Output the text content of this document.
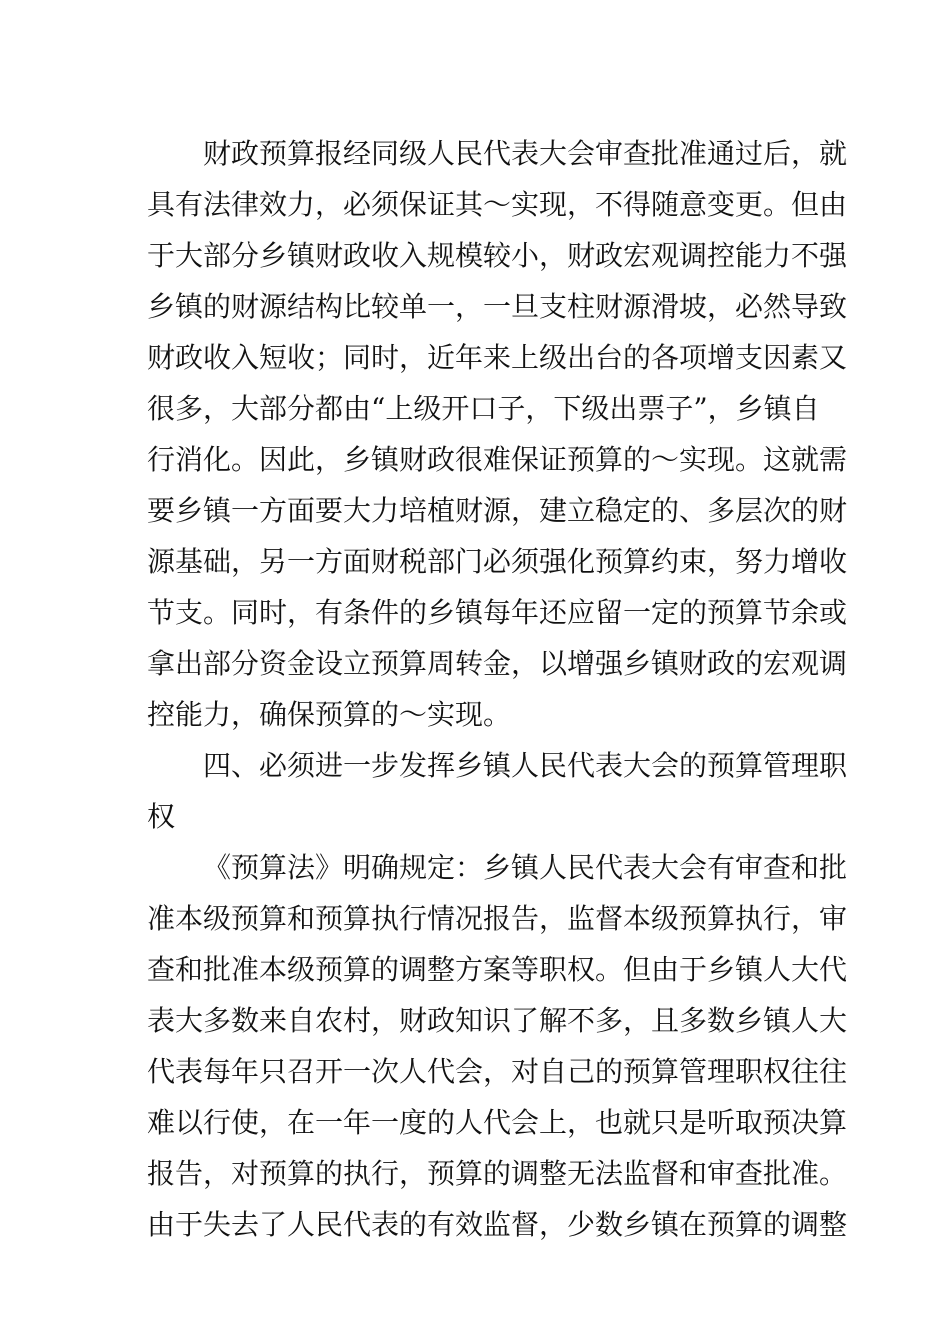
财政预算报经同级人民代表大会审查批准通过后，就
具有法律效力，必须保证其～实现，不得随意变更。但由
于大部分乡镇财政收入规模较小，财政宏观调控能力不强
乡镇的财源结构比较单一，一旦支柱财源滑坡，必然导致
财政收入短收；同时，近年来上级出台的各项增支因素又
很多，大部分都由“上级开口子，下级出票子”，乡镇自
行消化。因此，乡镇财政很难保证预算的～实现。这就需
要乡镇一方面要大力培植财源，建立稳定的、多层次的财
源基础，另一方面财税部门必须强化预算约束，努力增收
节支。同时，有条件的乡镇每年还应留一定的预算节余或
拿出部分资金设立预算周转金，以增强乡镇财政的宏观调
控能力，确保预算的～实现。
四、必须进一步发挥乡镇人民代表大会的预算管理职
权
《预算法》明确规定：乡镇人民代表大会有审查和批
准本级预算和预算执行情况报告，监督本级预算执行，审
查和批准本级预算的调整方案等职权。但由于乡镇人大代
表大多数来自农村，财政知识了解不多，且多数乡镇人大
代表每年只召开一次人代会，对自己的预算管理职权往往
难以行使，在一年一度的人代会上，也就只是听取预决算
报告，对预算的执行，预算的调整无法监督和审查批准。
由于失去了人民代表的有效监督，少数乡镇在预算的调整
